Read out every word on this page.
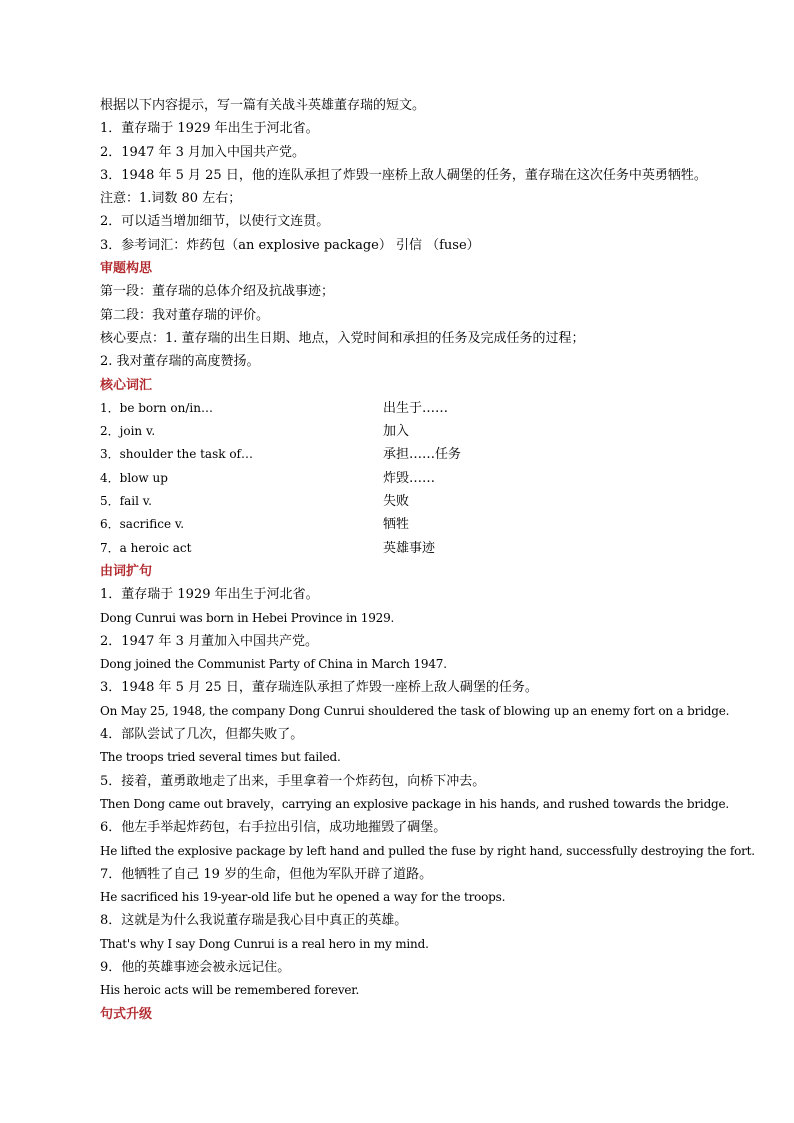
根据以下内容提示，写一篇有关战斗英雄董存瑞的短文。
1．董存瑞于 1929 年出生于河北省。
2．1947 年 3 月加入中国共产党。
3．1948 年 5 月 25 日，他的连队承担了炸毁一座桥上敌人碉堡的任务，董存瑞在这次任务中英勇牺牲。
注意：1.词数 80 左右；
2．可以适当增加细节，以使行文连贯。
3．参考词汇：炸药包（an explosive package） 引信 （fuse）
审题构思
第一段：董存瑞的总体介绍及抗战事迹；
第二段：我对董存瑞的评价。
核心要点：1. 董存瑞的出生日期、地点，入党时间和承担的任务及完成任务的过程；
2. 我对董存瑞的高度赞扬。
核心词汇
1．be born on/in…	出生于……
2．join v.	加入
3．shoulder the task of…	承担……任务
4．blow up	炸毁……
5．fail v.	失败
6．sacrifice v.	牺牲
7．a heroic act	英雄事迹
由词扩句
1．董存瑞于 1929 年出生于河北省。
Dong Cunrui was born in Hebei Province in 1929.
2．1947 年 3 月董加入中国共产党。
Dong joined the Communist Party of China in March 1947.
3．1948 年 5 月 25 日，董存瑞连队承担了炸毁一座桥上敌人碉堡的任务。
On May 25, 1948, the company Dong Cunrui shouldered the task of blowing up an enemy fort on a bridge.
4．部队尝试了几次，但都失败了。
The troops tried several times but failed.
5．接着，董勇敢地走了出来，手里拿着一个炸药包，向桥下冲去。
Then Dong came out bravely，carrying an explosive package in his hands, and rushed towards the bridge.
6．他左手举起炸药包，右手拉出引信，成功地摧毁了碉堡。
He lifted the explosive package by left hand and pulled the fuse by right hand, successfully destroying the fort.
7．他牺牲了自己 19 岁的生命，但他为军队开辟了道路。
He sacrificed his 19-year-old life but he opened a way for the troops.
8．这就是为什么我说董存瑞是我心目中真正的英雄。
That's why I say Dong Cunrui is a real hero in my mind.
9．他的英雄事迹会被永远记住。
His heroic acts will be remembered forever.
句式升级
